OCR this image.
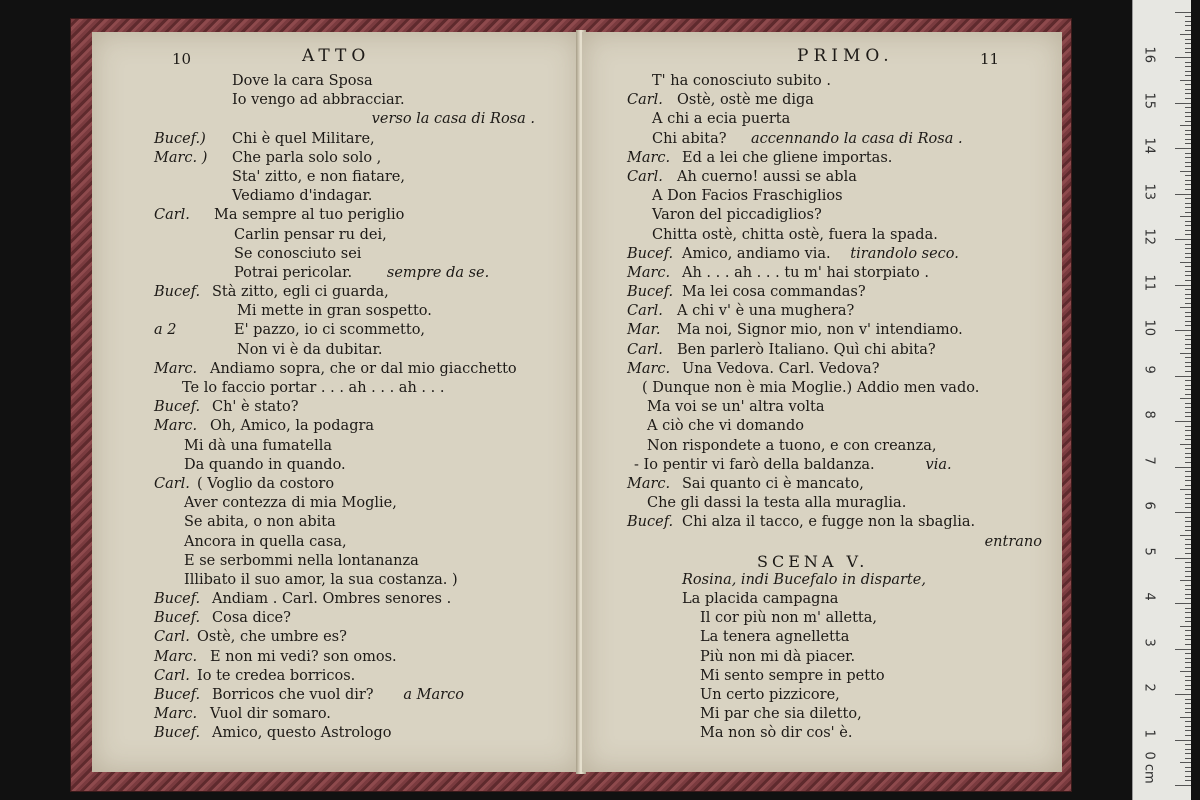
10	ATTO
Dove la cara Sposa
Io vengo ad abbracciar.
verso la casa di Rosa .
Bucef.) Chi è quel Militare,
Marc. ) Che parla solo solo ,
Sta' zitto, e non fiatare,
Vediamo d'indagar.
Carl. Ma sempre al tuo periglio
Carlin pensar ru dei,
Se conosciuto sei
Potrai pericolar. sempre da se.
Bucef. Stà zitto, egli ci guarda,
Mi mette in gran sospetto.
a 2	E' pazzo, io ci scommetto,
Non vi è da dubitar.
Marc. Andiamo sopra, che or dal mio giacchetto
Te lo faccio portar . . . ah . . . ah . . .
Bucef. Ch' è stato?
Marc. Oh, Amico, la podagra
Mi dà una fumatella
Da quando in quando.
Carl. ( Voglio da costoro
Aver contezza di mia Moglie,
Se abita, o non abita
Ancora in quella casa,
E se serbommi nella lontananza
Illibato il suo amor, la sua costanza. )
Bucef. Andiam . Carl. Ombres senores .
Bucef. Cosa dice?
Carl. Ostè, che umbre es?
Marc. E non mi vedi? son omos.
Carl. Io te credea borricos.
Bucef. Borricos che vuol dir? a Marco
Marc. Vuol dir somaro.
Bucef. Amico, questo Astrologo
PRIMO.	11
T' ha conosciuto subito .
Carl. Ostè, ostè me diga
A chi a ecia puerta
Chi abita? accennando la casa di Rosa .
Marc. Ed a lei che gliene importas.
Carl. Ah cuerno! aussi se abla
A Don Facios Fraschiglios
Varon del piccadiglios?
Chitta ostè, chitta ostè, fuera la spada.
Bucef. Amico, andiamo via. tirandolo seco.
Marc. Ah . . . ah . . . tu m' hai storpiato .
Bucef. Ma lei cosa commandas?
Carl. A chi v' è una mughera?
Mar. Ma noi, Signor mio, non v' intendiamo.
Carl. Ben parlerò Italiano. Quì chi abita?
Marc. Una Vedova. Carl. Vedova?
( Dunque non è mia Moglie.) Addio men vado.
Ma voi se un' altra volta
A ciò che vi domando
Non rispondete a tuono, e con creanza,
- Io pentir vi farò della baldanza.	via.
Marc. Sai quanto ci è mancato,
Che gli dassi la testa alla muraglia.
Bucef. Chi alza il tacco, e fugge non la sbaglia.
entrano
SCENA V.
Rosina, indi Bucefalo in disparte,
La placida campagna
Il cor più non m' alletta,
La tenera agnelletta
Più non mi dà piacer.
Mi sento sempre in petto
Un certo pizzicore,
Mi par che sia diletto,
Ma non sò dir cos' è.
16
15
14
13
12
11
10
9
8
7
6
5
4
3
2
1
0 cm
